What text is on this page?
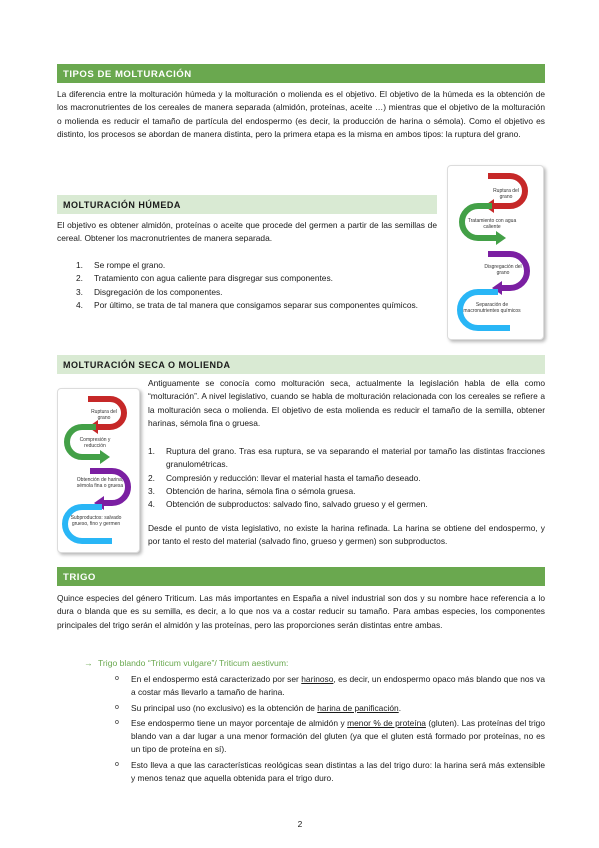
TIPOS DE MOLTURACIÓN

La diferencia entre la molturación húmeda y la molturación o molienda es el objetivo. El objetivo de la húmeda es la obtención de los macronutrientes de los cereales de manera separada (almidón, proteínas, aceite …) mientras que el objetivo de la molturación o molienda es reducir el tamaño de partícula del endospermo (es decir, la producción de harina o sémola). Como el objetivo es distinto, los procesos se abordan de manera distinta, pero la primera etapa es la misma en ambos tipos: la ruptura del grano.

MOLTURACIÓN HÚMEDA

El objetivo es obtener almidón, proteínas o aceite que procede del germen a partir de las semillas de cereal. Obtener los macronutrientes de manera separada.

1. Se rompe el grano.
2. Tratamiento con agua caliente para disgregar sus componentes.
3. Disgregación de los componentes.
4. Por último, se trata de tal manera que consigamos separar sus componentes químicos.
Ruptura del grano
Tratamiento con agua caliente
Disgregación del grano
Separación de macronutrientes químicos
MOLTURACIÓN SECA O MOLIENDA
Ruptura del grano
Compresión y reducción
Obtención de harina, sémola fina o gruesa
Subproductos: salvado grueso, fino y germen

Antiguamente se conocía como molturación seca, actualmente la legislación habla de ella como “molturación”. A nivel legislativo, cuando se habla de molturación relacionada con los cereales se refiere a la molturación seca o molienda. El objetivo de esta molienda es reducir el tamaño de la semilla, obtener harinas, sémola fina o gruesa.

1. Ruptura del grano. Tras esa ruptura, se va separando el material por tamaño las distintas fracciones granulométricas.
2. Compresión y reducción: llevar el material hasta el tamaño deseado.
3. Obtención de harina, sémola fina o sémola gruesa.
4. Obtención de subproductos: salvado fino, salvado grueso y el germen.

Desde el punto de vista legislativo, no existe la harina refinada. La harina se obtiene del endospermo, y por tanto el resto del material (salvado fino, grueso y germen) son subproductos.

TRIGO

Quince especies del género Triticum. Las más importantes en España a nivel industrial son dos y su nombre hace referencia a lo dura o blanda que es su semilla, es decir, a lo que nos va a costar reducir su tamaño. Para ambas especies, los componentes principales del trigo serán el almidón y las proteínas, pero las proporciones serán distintas entre ambas.

→ Trigo blando “Triticum vulgare”/ Triticum aestivum:
o En el endospermo está caracterizado por ser harinoso, es decir, un endospermo opaco más blando que nos va a costar más llevarlo a tamaño de harina.
o Su principal uso (no exclusivo) es la obtención de harina de panificación.
o Ese endospermo tiene un mayor porcentaje de almidón y menor % de proteína (gluten). Las proteínas del trigo blando van a dar lugar a una menor formación del gluten (ya que el gluten está formado por proteínas, no es un tipo de proteína en sí).
o Esto lleva a que las características reológicas sean distintas a las del trigo duro: la harina será más extensible y menos tenaz que aquella obtenida para el trigo duro.
2
